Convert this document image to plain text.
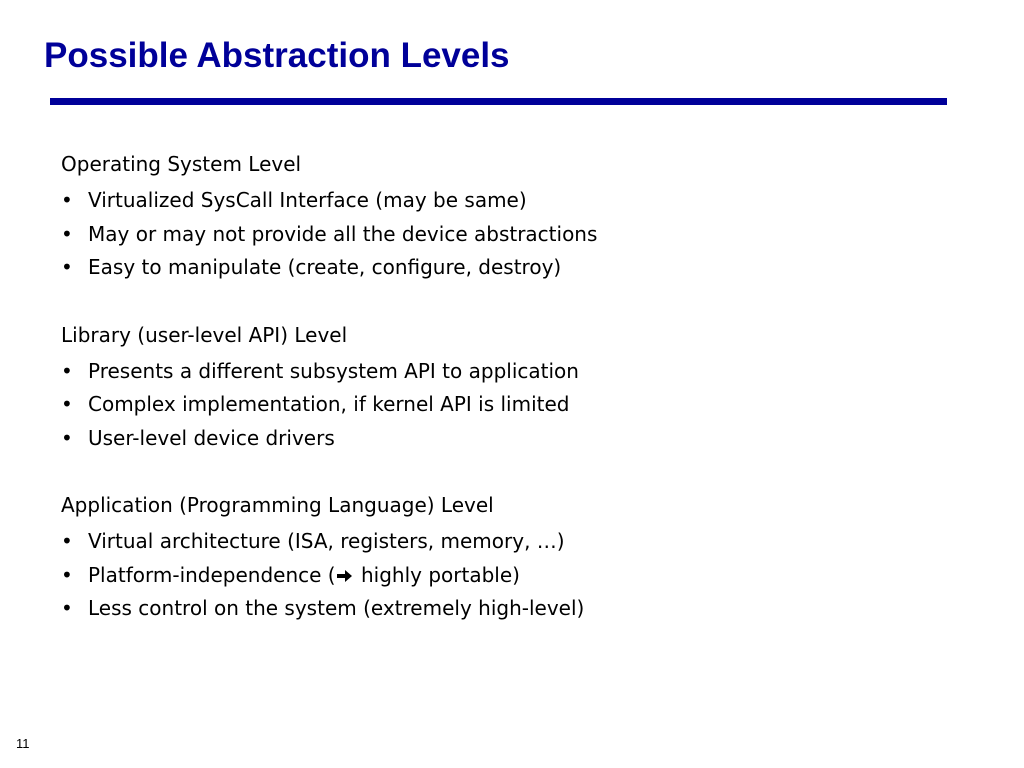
Possible Abstraction Levels

Operating System Level

• Virtualized SysCall Interface (may be same)
• May or may not provide all the device abstractions
• Easy to manipulate (create, configure, destroy)

Library (user-level API) Level

• Presents a different subsystem API to application
• Complex implementation, if kernel API is limited
• User-level device drivers

Application (Programming Language) Level

• Virtual architecture (ISA, registers, memory, …)
• Platform-independence ( highly portable)
• Less control on the system (extremely high-level)
11
